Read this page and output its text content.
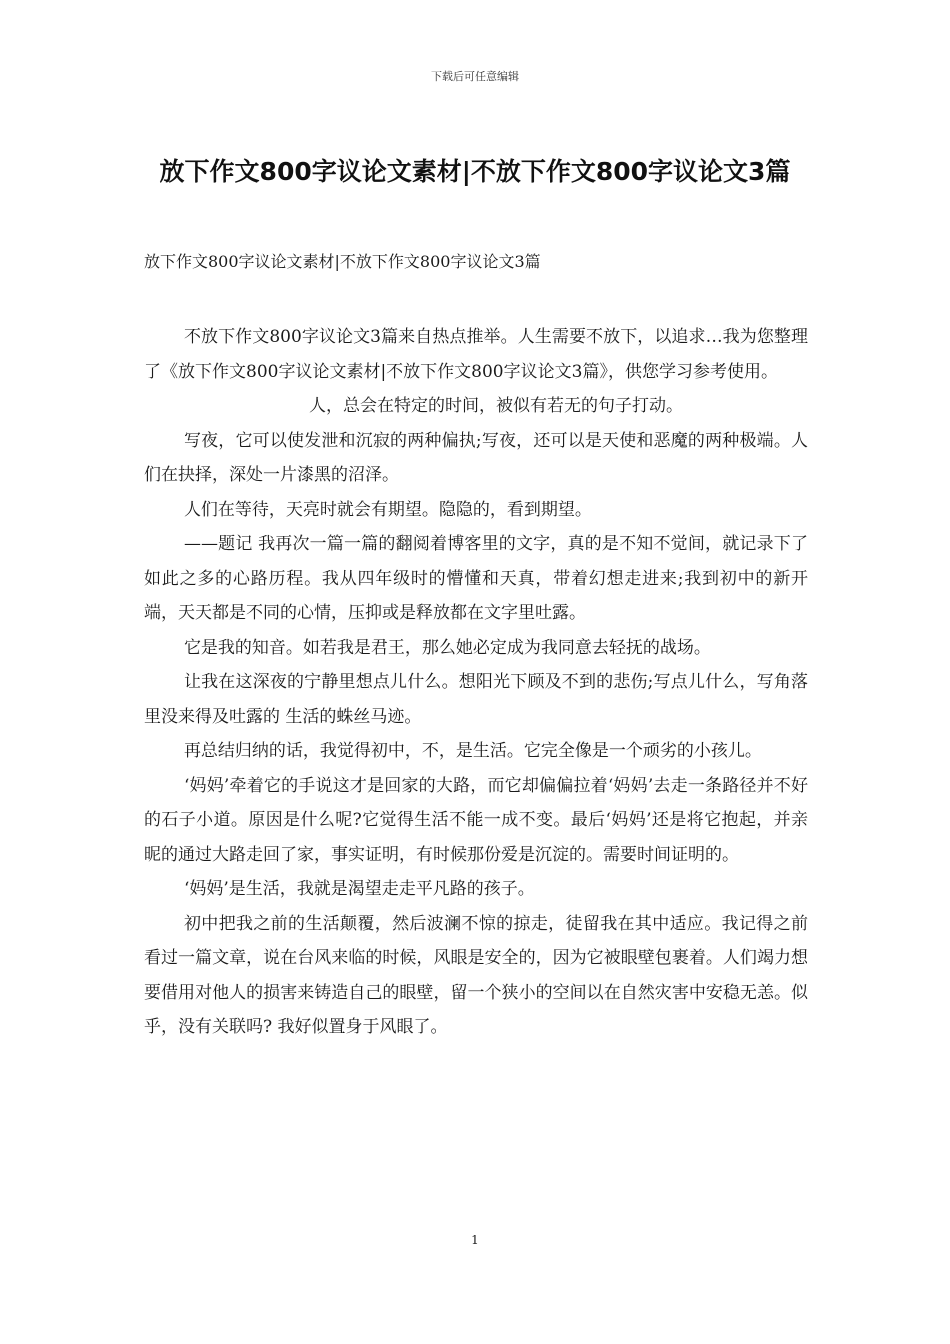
下载后可任意编辑
放下作文800字议论文素材|不放下作文800字议论文3篇
放下作文800字议论文素材|不放下作文800字议论文3篇

不放下作文800字议论文3篇来自热点推举。人生需要不放下，以追求…我为您整理了《放下作文800字议论文素材|不放下作文800字议论文3篇》，供您学习参考使用。

人，总会在特定的时间，被似有若无的句子打动。

写夜，它可以使发泄和沉寂的两种偏执;写夜，还可以是天使和恶魔的两种极端。人们在抉择，深处一片漆黑的沼泽。

人们在等待，天亮时就会有期望。隐隐的，看到期望。

——题记 我再次一篇一篇的翻阅着博客里的文字，真的是不知不觉间，就记录下了如此之多的心路历程。我从四年级时的懵懂和天真，带着幻想走进来;我到初中的新开端，天天都是不同的心情，压抑或是释放都在文字里吐露。

它是我的知音。如若我是君王，那么她必定成为我同意去轻抚的战场。

让我在这深夜的宁静里想点儿什么。想阳光下顾及不到的悲伤;写点儿什么，写角落里没来得及吐露的 生活的蛛丝马迹。

再总结归纳的话，我觉得初中，不，是生活。它完全像是一个顽劣的小孩儿。

‘妈妈’牵着它的手说这才是回家的大路，而它却偏偏拉着‘妈妈’去走一条路径并不好的石子小道。原因是什么呢?它觉得生活不能一成不变。最后‘妈妈’还是将它抱起，并亲昵的通过大路走回了家，事实证明，有时候那份爱是沉淀的。需要时间证明的。

‘妈妈’是生活，我就是渴望走走平凡路的孩子。

初中把我之前的生活颠覆，然后波澜不惊的掠走，徒留我在其中适应。我记得之前看过一篇文章，说在台风来临的时候，风眼是安全的，因为它被眼壁包裹着。人们竭力想要借用对他人的损害来铸造自己的眼壁，留一个狭小的空间以在自然灾害中安稳无恙。似乎，没有关联吗? 我好似置身于风眼了。

1
